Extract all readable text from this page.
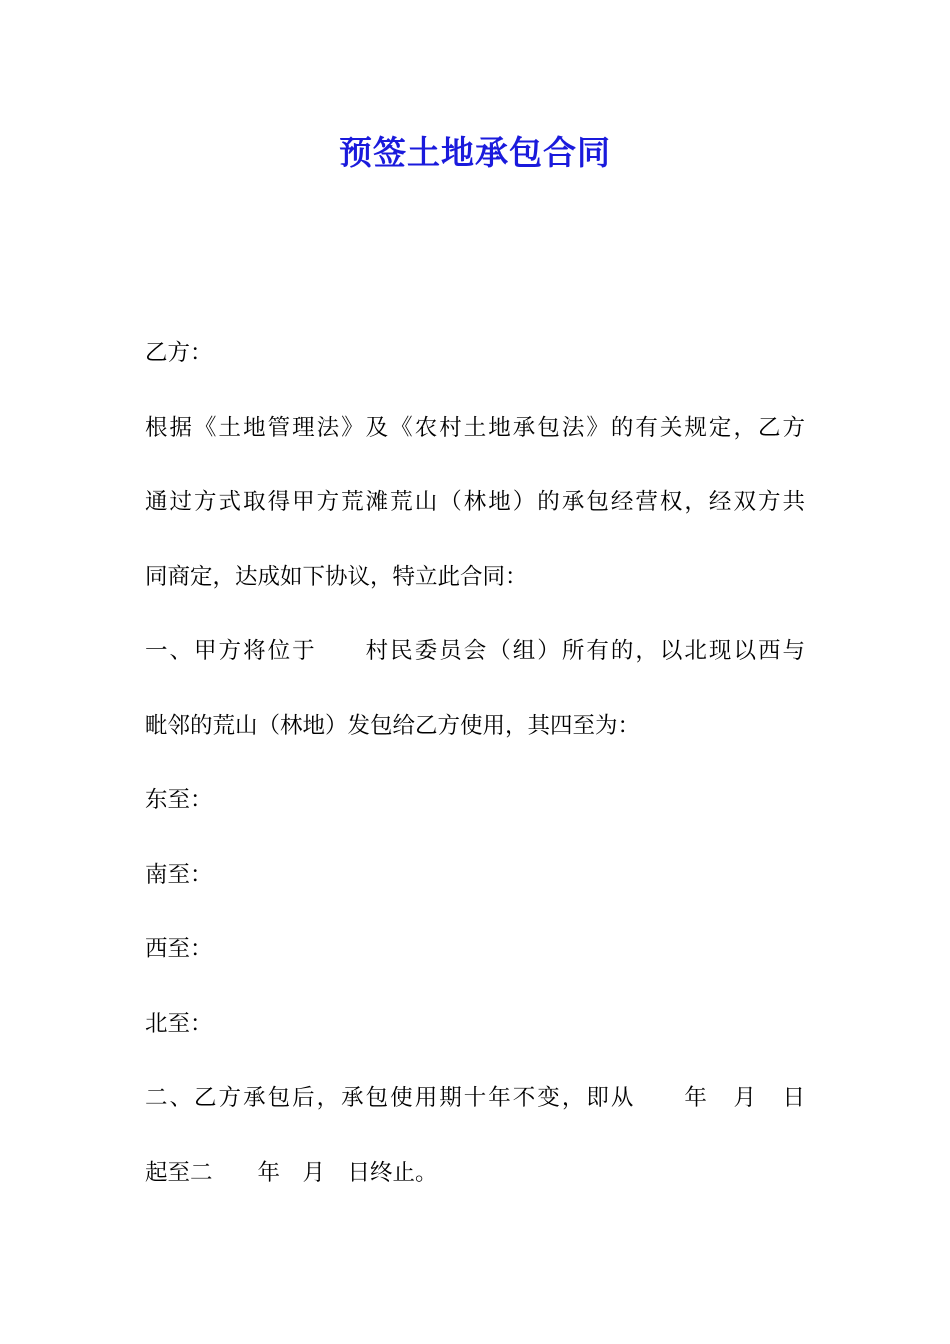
预签土地承包合同

乙方：

根据《土地管理法》及《农村土地承包法》的有关规定，乙方

通过方式取得甲方荒滩荒山（林地）的承包经营权，经双方共

同商定，达成如下协议，特立此合同：

一、甲方将位于　　村民委员会（组）所有的，以北现以西与

毗邻的荒山（林地）发包给乙方使用，其四至为：

东至：

南至：

西至：

北至：

二、乙方承包后，承包使用期十年不变，即从　　年　月　日

起至二　　年　月　日终止。
